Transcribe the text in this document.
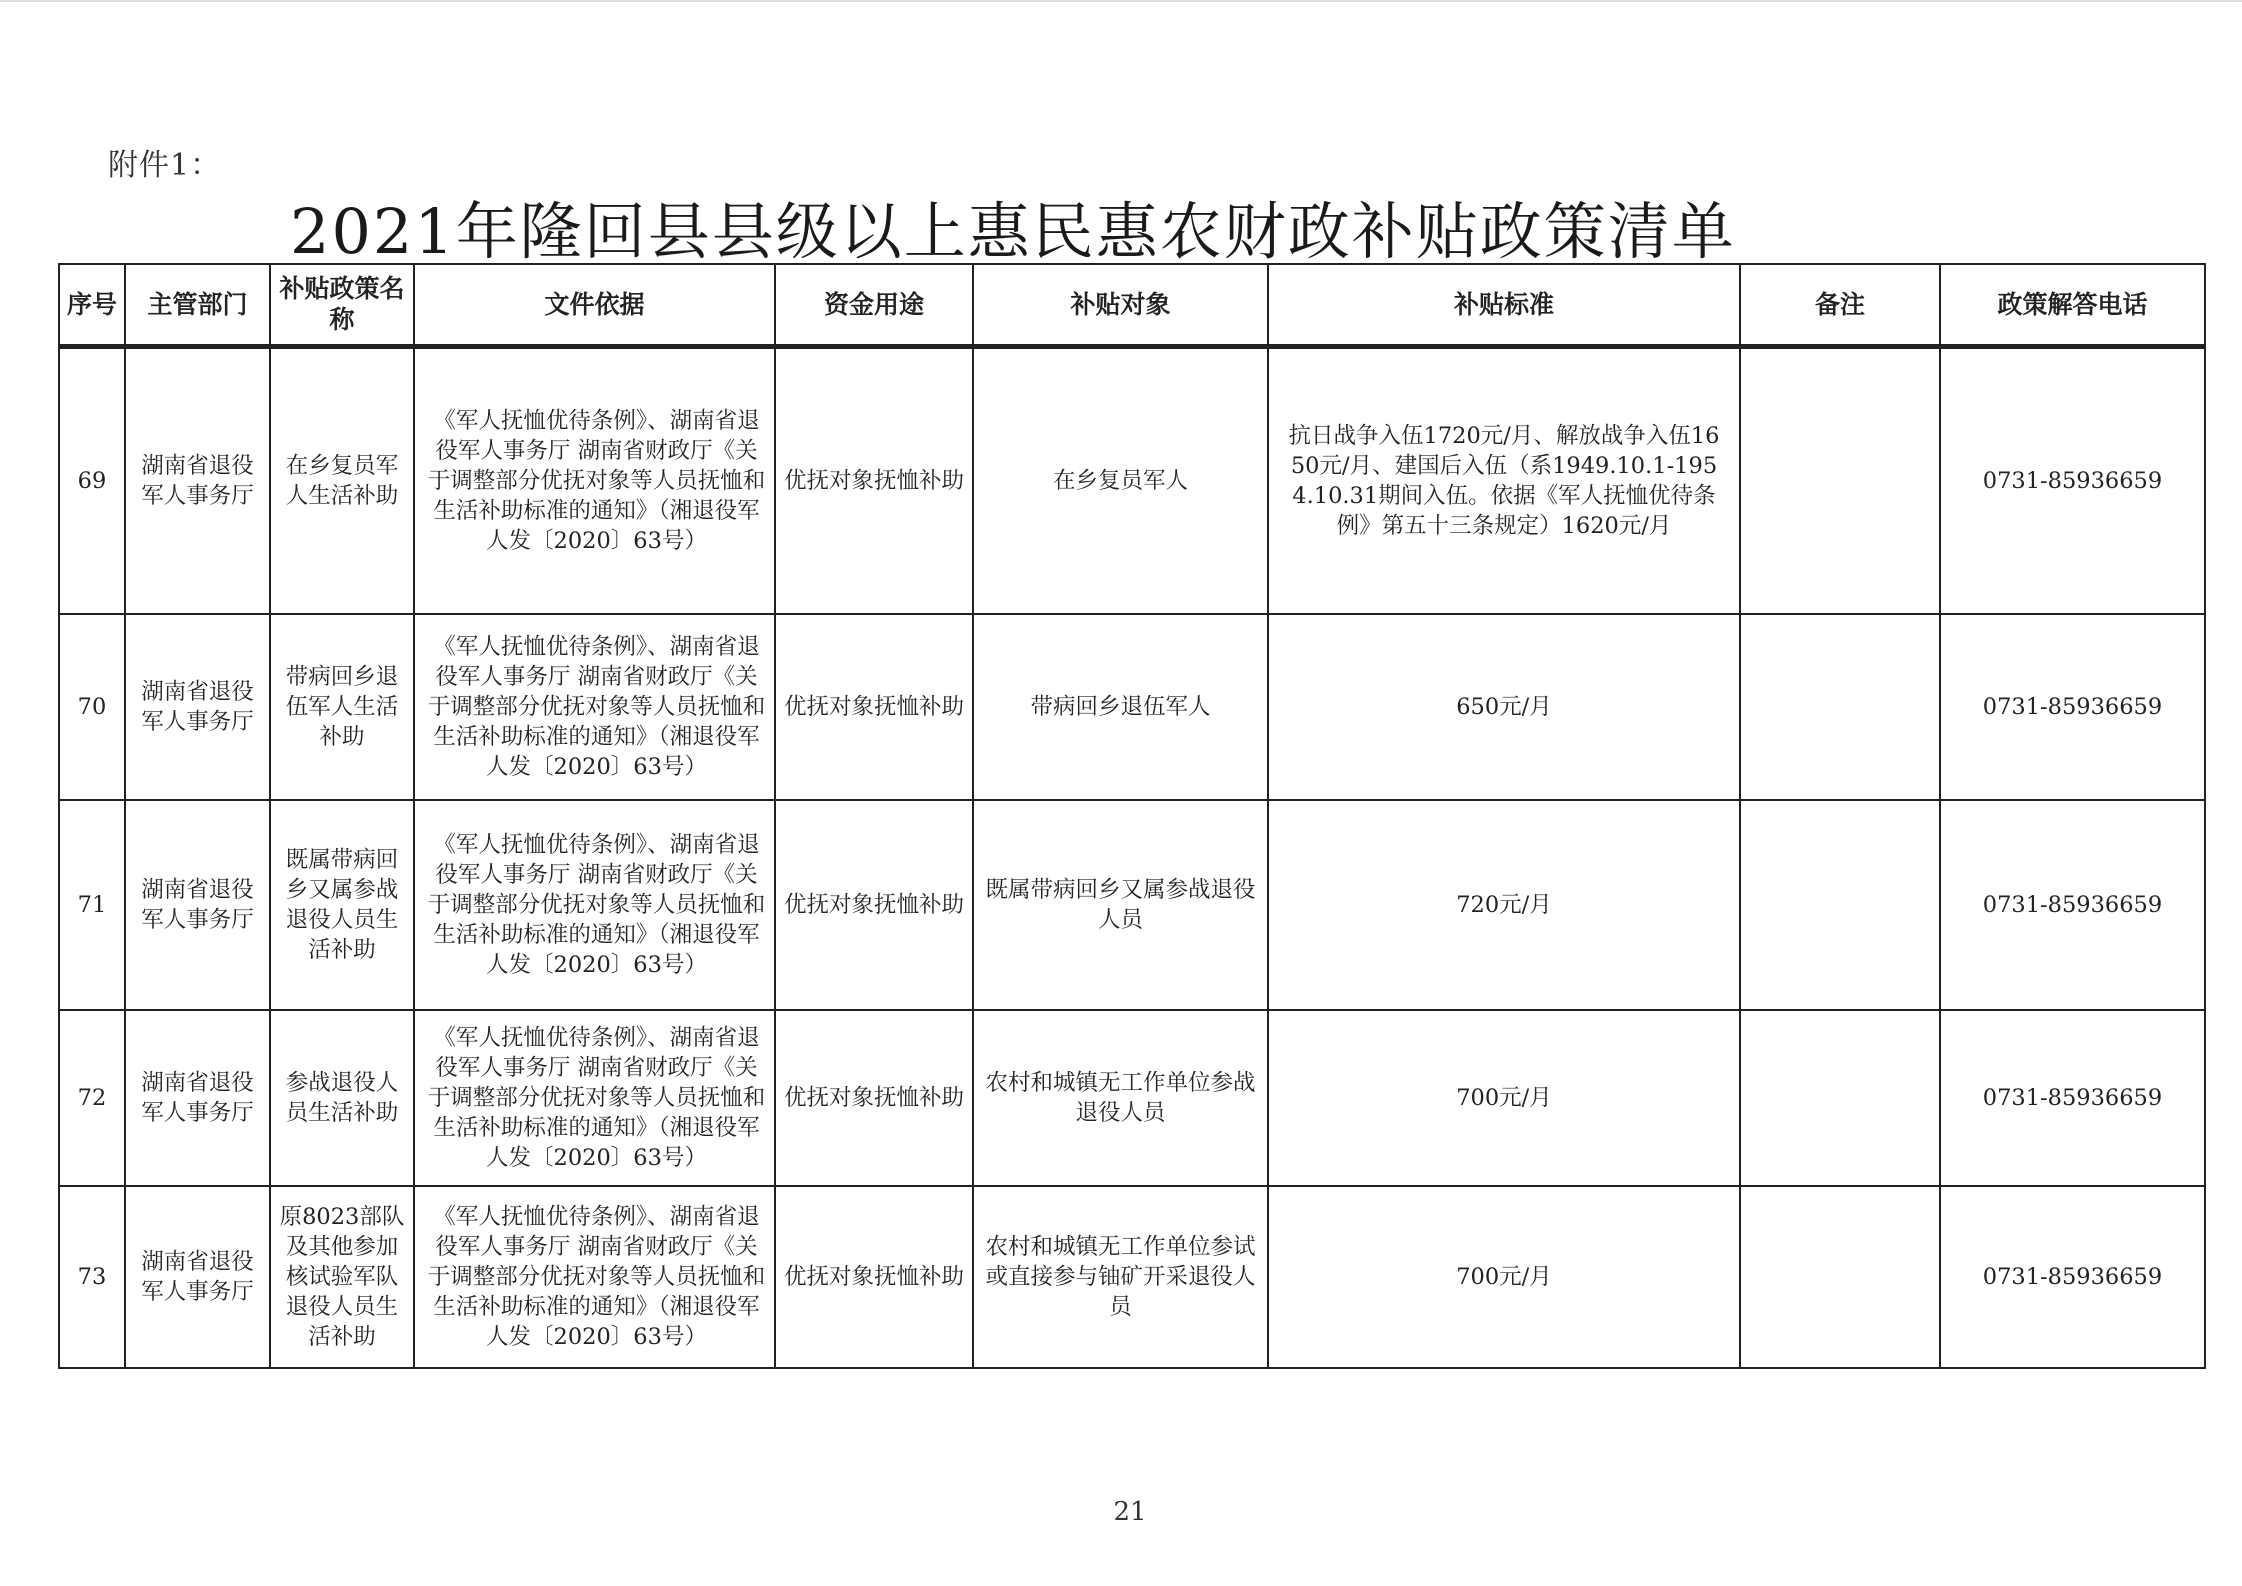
附件1：
2021年隆回县县级以上惠民惠农财政补贴政策清单
序号	主管部门	补贴政策名称	文件依据	资金用途	补贴对象	补贴标准	备注	政策解答电话
69	湖南省退役军人事务厅	在乡复员军人生活补助	《军人抚恤优待条例》、湖南省退役军人事务厅 湖南省财政厅《关于调整部分优抚对象等人员抚恤和生活补助标准的通知》（湘退役军人发〔2020〕63号）	优抚对象抚恤补助	在乡复员军人	抗日战争入伍1720元/月、解放战争入伍1650元/月、建国后入伍（系1949.10.1-1954.10.31期间入伍。依据《军人抚恤优待条例》第五十三条规定）1620元/月		0731-85936659
70	湖南省退役军人事务厅	带病回乡退伍军人生活补助	《军人抚恤优待条例》、湖南省退役军人事务厅 湖南省财政厅《关于调整部分优抚对象等人员抚恤和生活补助标准的通知》（湘退役军人发〔2020〕63号）	优抚对象抚恤补助	带病回乡退伍军人	650元/月		0731-85936659
71	湖南省退役军人事务厅	既属带病回乡又属参战退役人员生活补助	《军人抚恤优待条例》、湖南省退役军人事务厅 湖南省财政厅《关于调整部分优抚对象等人员抚恤和生活补助标准的通知》（湘退役军人发〔2020〕63号）	优抚对象抚恤补助	既属带病回乡又属参战退役人员	720元/月		0731-85936659
72	湖南省退役军人事务厅	参战退役人员生活补助	《军人抚恤优待条例》、湖南省退役军人事务厅 湖南省财政厅《关于调整部分优抚对象等人员抚恤和生活补助标准的通知》（湘退役军人发〔2020〕63号）	优抚对象抚恤补助	农村和城镇无工作单位参战退役人员	700元/月		0731-85936659
73	湖南省退役军人事务厅	原8023部队及其他参加核试验军队退役人员生活补助	《军人抚恤优待条例》、湖南省退役军人事务厅 湖南省财政厅《关于调整部分优抚对象等人员抚恤和生活补助标准的通知》（湘退役军人发〔2020〕63号）	优抚对象抚恤补助	农村和城镇无工作单位参试或直接参与铀矿开采退役人员	700元/月		0731-85936659
21
